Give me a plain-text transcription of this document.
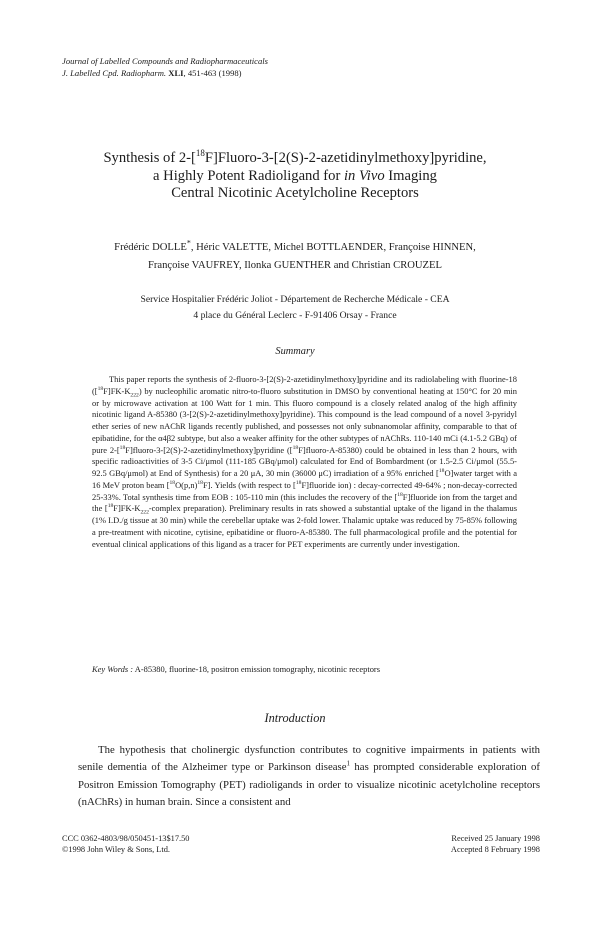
Journal of Labelled Compounds and Radiopharmaceuticals
J. Labelled Cpd. Radiopharm. XLI, 451-463 (1998)
Synthesis of 2-[$^{18}$F]Fluoro-3-[2(S)-2-azetidinylmethoxy]pyridine,
a Highly Potent Radioligand for in Vivo Imaging
Central Nicotinic Acetylcholine Receptors
Frédéric DOLLE*, Héric VALETTE, Michel BOTTLAENDER, Françoise HINNEN,
Françoise VAUFREY, Ilonka GUENTHER and Christian CROUZEL
Service Hospitalier Frédéric Joliot - Département de Recherche Médicale - CEA
4 place du Général Leclerc - F-91406 Orsay - France
Summary

This paper reports the synthesis of 2-fluoro-3-[2(S)-2-azetidinylmethoxy]pyridine and its radiolabeling with fluorine-18 $([^{18}F]FK-K_{222})$ by nucleophilic aromatic nitro-to-fluoro substitution in DMSO by conventional heating at 150°C for 20 min or by microwave activation at 100 Watt for 1 min. This fluoro compound is a closely related analog of the high affinity nicotinic ligand A-85380 (3-[2(S)-2-azetidinylmethoxy]pyridine). This compound is the lead compound of a novel 3-pyridyl ether series of new nAChR ligands recently published, and possesses not only subnanomolar affinity, comparable to that of epibatidine, for the α4β2 subtype, but also a weaker affinity for the other subtypes of nAChRs. 110-140 mCi (4.1-5.2 GBq) of pure 2-[$^{18}$F]fluoro-3-[2(S)-2-azetidinylmethoxy]pyridine ([$^{18}$F]fluoro-A-85380) could be obtained in less than 2 hours, with specific radioactivities of 3-5 Ci/μmol (111-185 GBq/μmol) calculated for End of Bombardment (or 1.5-2.5 Ci/μmol (55.5-92.5 GBq/μmol) at End of Synthesis) for a 20 μA, 30 min (36000 μC) irradiation of a 95% enriched [$^{18}$O]water target with a 16 MeV proton beam $[^{18}O(p,n)^{18}F]$. Yields (with respect to [$^{18}$F]fluoride ion) : decay-corrected 49-64% ; non-decay-corrected 25-33%. Total synthesis time from EOB : 105-110 min (this includes the recovery of the [$^{18}$F]fluoride ion from the target and the $[^{18}F]FK-K_{222}$-complex preparation). Preliminary results in rats showed a substantial uptake of the ligand in the thalamus (1% I.D./g tissue at 30 min) while the cerebellar uptake was 2-fold lower. Thalamic uptake was reduced by 75-85% following a pre-treatment with nicotine, cytisine, epibatidine or fluoro-A-85380. The full pharmacological profile and the potential for eventual clinical applications of this ligand as a tracer for PET experiments are currently under investigation.

Key Words : A-85380, fluorine-18, positron emission tomography, nicotinic receptors
Introduction

The hypothesis that cholinergic dysfunction contributes to cognitive impairments in patients with senile dementia of the Alzheimer type or Parkinson disease$^1$ has prompted considerable exploration of Positron Emission Tomography (PET) radioligands in order to visualize nicotinic acetylcholine receptors (nAChRs) in human brain. Since a consistent and

CCC 0362-4803/98/050451-13$17.50
©1998 John Wiley & Sons, Ltd.
Received 25 January 1998
Accepted 8 February 1998
